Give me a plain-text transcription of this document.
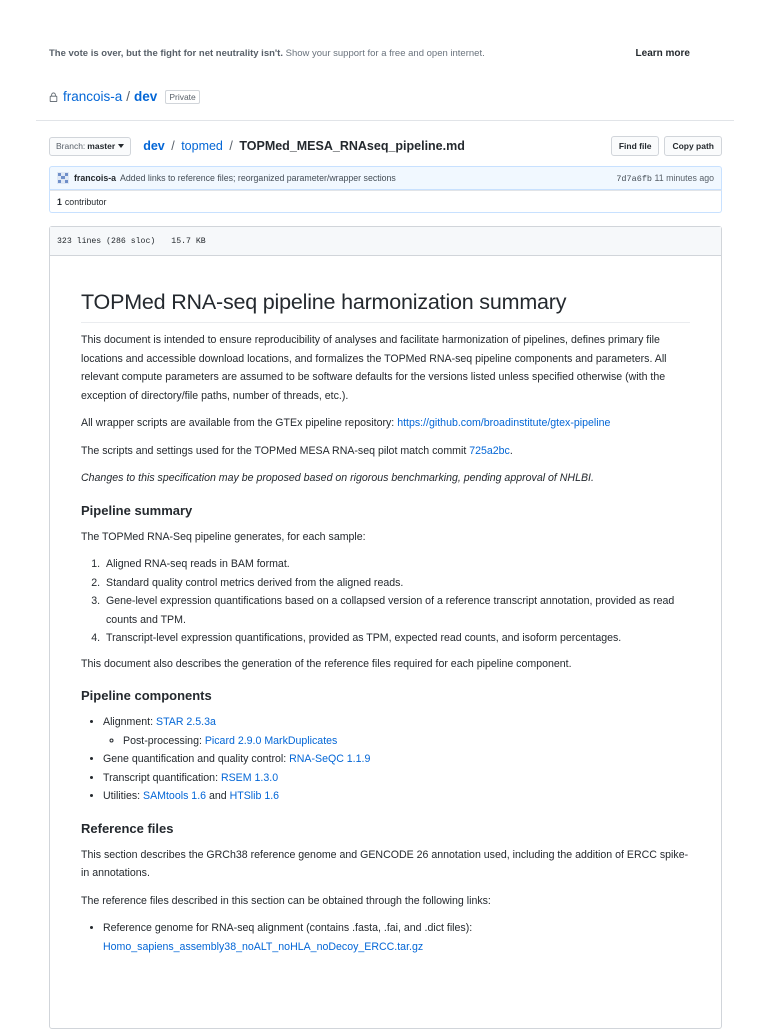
The vote is over, but the fight for net neutrality isn't. Show your support for a free and open internet.	Learn more
francois-a / dev	Private
Branch: master dev / topmed / TOPMed_MESA_RNAseq_pipeline.md	Find file	Copy path
francois-a Added links to reference files; reorganized parameter/wrapper sections	7d7a6fb 11 minutes ago
1 contributor
323 lines (286 sloc) 15.7 KB
TOPMed RNA-seq pipeline harmonization summary

This document is intended to ensure reproducibility of analyses and facilitate harmonization of pipelines, defines primary file locations and accessible download locations, and formalizes the TOPMed RNA-seq pipeline components and parameters. All relevant compute parameters are assumed to be software defaults for the versions listed unless specified otherwise (with the exception of directory/file paths, number of threads, etc.).

All wrapper scripts are available from the GTEx pipeline repository: https://github.com/broadinstitute/gtex-pipeline

The scripts and settings used for the TOPMed MESA RNA-seq pilot match commit 725a2bc.

Changes to this specification may be proposed based on rigorous benchmarking, pending approval of NHLBI.

Pipeline summary

The TOPMed RNA-Seq pipeline generates, for each sample:

1. Aligned RNA-seq reads in BAM format.
2. Standard quality control metrics derived from the aligned reads.
3. Gene-level expression quantifications based on a collapsed version of a reference transcript annotation, provided as read counts and TPM.
4. Transcript-level expression quantifications, provided as TPM, expected read counts, and isoform percentages.

This document also describes the generation of the reference files required for each pipeline component.

Pipeline components
• Alignment: STAR 2.5.3a
◦ Post-processing: Picard 2.9.0 MarkDuplicates
• Gene quantification and quality control: RNA-SeQC 1.1.9
• Transcript quantification: RSEM 1.3.0
• Utilities: SAMtools 1.6 and HTSlib 1.6
Reference files

This section describes the GRCh38 reference genome and GENCODE 26 annotation used, including the addition of ERCC spike-in annotations.

The reference files described in this section can be obtained through the following links:

• Reference genome for RNA-seq alignment (contains .fasta, .fai, and .dict files):
Homo_sapiens_assembly38_noALT_noHLA_noDecoy_ERCC.tar.gz
